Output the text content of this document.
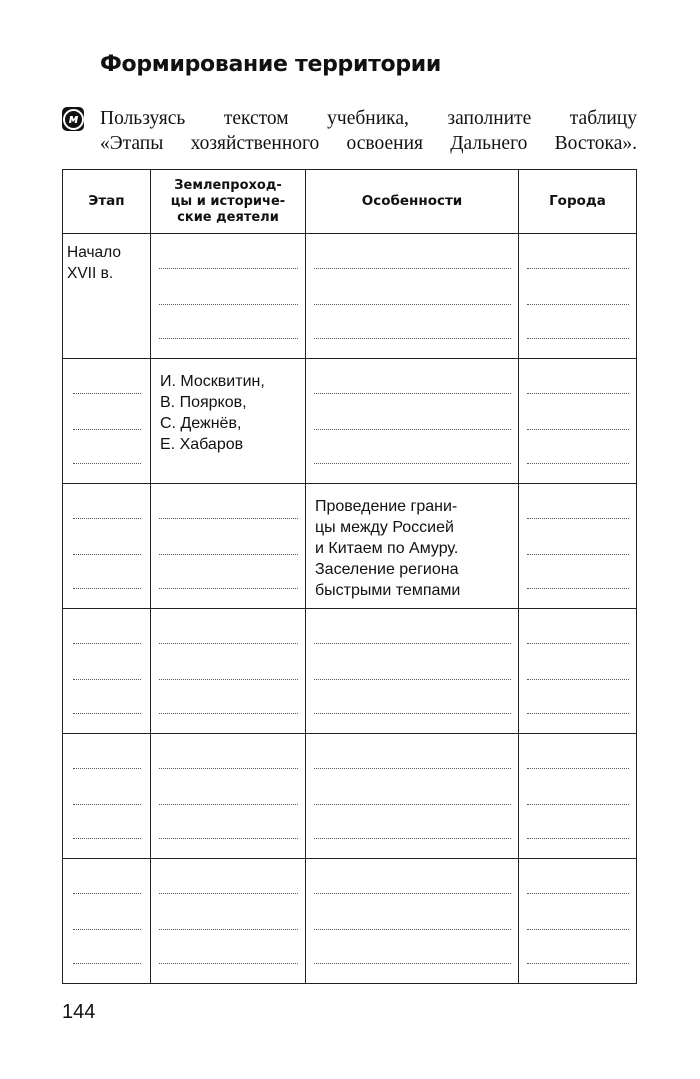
Формирование территории
м Пользуясь текстом учебника, заполните таблицу
«Этапы хозяйственного освоения Дальнего Востока».
Этап	Землепроход-
цы и историче-
ские деятели	Особенности	Города

Начало
XVII в.			

	И. Москвитин,
В. Поярков,
С. Дежнёв,
Е. Хабаров		

		Проведение грани-
цы между Россией
и Китаем по Амуру.
Заселение региона
быстрыми темпами	

144
